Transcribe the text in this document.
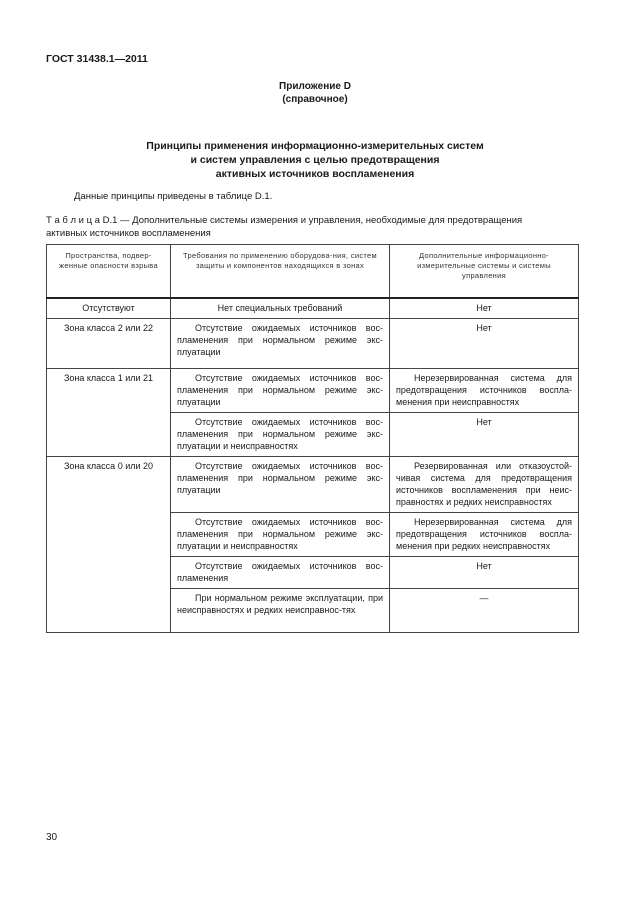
ГОСТ 31438.1—2011
Приложение D
(справочное)
Принципы применения информационно-измерительных систем
и систем управления с целью предотвращения
активных источников воспламенения
Данные принципы приведены в таблице D.1.
Т а б л и ц а D.1 — Дополнительные системы измерения и управления, необходимые для предотвращения
активных источников воспламенения
Пространства, подвер-женные опасности взрыва	Требования по применению оборудова-ния, систем защиты и компонентов находящихся в зонах	Дополнительные информационно-измерительные системы и системы управления
Отсутствуют	Нет специальных требований	Нет
Зона класса 2 или 22	Отсутствие ожидаемых источников вос-пламенения при нормальном режиме экс-плуатации	Нет
Зона класса 1 или 21	Отсутствие ожидаемых источников вос-пламенения при нормальном режиме экс-плуатации	Нерезервированная система для предотвращения источников воспла-менения при неисправностях
	Отсутствие ожидаемых источников вос-пламенения при нормальном режиме экс-плуатации и неисправностях	Нет
Зона класса 0 или 20	Отсутствие ожидаемых источников вос-пламенения при нормальном режиме экс-плуатации	Резервированная или отказоустой-чивая система для предотвращения источников воспламенения при неис-правностях и редких неисправностях
	Отсутствие ожидаемых источников вос-пламенения при нормальном режиме экс-плуатации и неисправностях	Нерезервированная система для предотвращения источников воспла-менения при редких неисправностях
	Отсутствие ожидаемых источников вос-пламенения	Нет
	При нормальном режиме эксплуатации, при неисправностях и редких неисправнос-тях	—
30
